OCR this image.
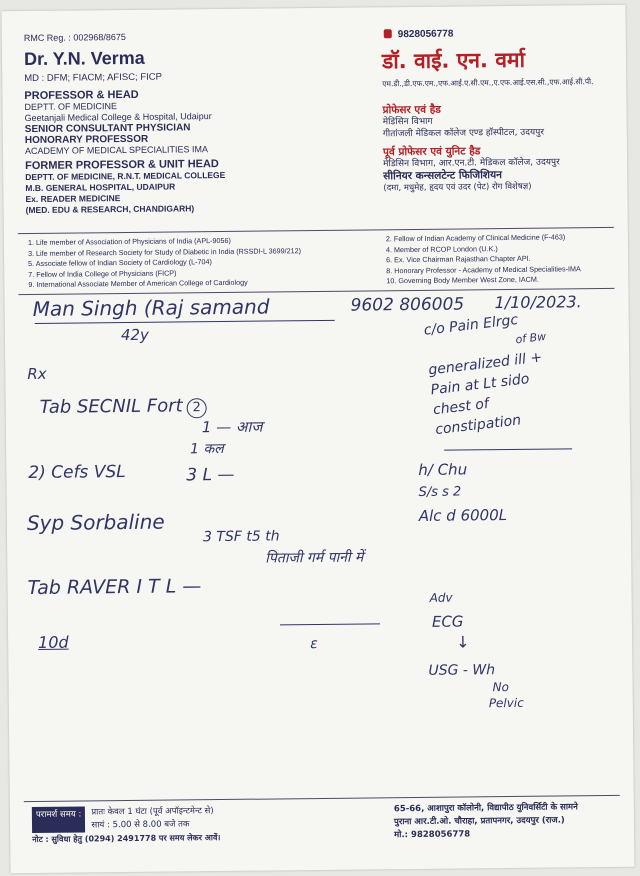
RMC Reg. : 002968/8675
Dr. Y.N. Verma
MD : DFM; FIACM; AFISC; FICP
PROFESSOR & HEAD
DEPTT. OF MEDICINE
Geetanjali Medical College & Hospital, Udaipur
SENIOR CONSULTANT PHYSICIAN
HONORARY PROFESSOR
ACADEMY OF MEDICAL SPECIALITIES IMA
FORMER PROFESSOR & UNIT HEAD
DEPTT. OF MEDICINE, R.N.T. MEDICAL COLLEGE
M.B. GENERAL HOSPITAL, UDAIPUR
Ex. READER MEDICINE
(MED. EDU & RESEARCH, CHANDIGARH)
9828056778
डॉ. वाई. एन. वर्मा
एम.डी.,डी.एफ.एम.,एफ.आई.ए.सी.एम.,ए.एफ.आई.एस.सी.,एफ.आई.सी.पी.
प्रोफेसर एवं हैड
मेडिसिन विभाग
गीतांजली मेडिकल कॉलेज एण्ड हॉस्पीटल, उदयपुर
पूर्व प्रोफेसर एवं युनिट हैड
मेडिसिन विभाग, आर.एन.टी. मेडिकल कॉलेज, उदयपुर
सीनियर कन्सलटेन्ट फिजिशियन
(दमा, मधुमेह, हृदय एवं उदर (पेट) रोग विशेषज्ञ)
1. Life member of Association of Physicians of India (APL-9056)
3. Life member of Research Society for Study of Diabetic in India (RSSDI-L 3699/212)
5. Associate fellow of Indian Society of Cardiology (L-704)
7. Fellow of India College of Physicians (FICP)
9. International Associate Member of American College of Cardiology
2. Fellow of Indian Academy of Clinical Medicine (F-463)
4. Member of RCOP London (U.K.)
6. Ex. Vice Chairman Rajasthan Chapter API.
8. Honorary Professor - Academy of Medical Specialities-IMA
10. Governing Body Member West Zone, IACM.
Man Singh (Raj samand	9602 806005 1/10/2023.
42y
Rx
c/o Pain Elrgc
of Bw
generalized ill +
Pain at Lt sido
chest of
constipation
Tab SECNIL Fort 2
1 — आज
1 कल
2) Cefs VSL	3 L —	h/ Chu
S/s s 2
Alc d 6000L
Syp Sorbaline
3 TSF t5 th
पिताजी गर्म पानी में
Tab RAVER I T L —
10d	ε
Adv
ECG
↓
USG - Wh
No
Pelvic
परामर्श समय :	प्रातः केवल 1 घंटा (पूर्व अपॉइन्टमेन्ट से)
सायं : 5.00 से 8.00 बजे तक
नोट : सुविधा हेतु (0294) 2491778 पर समय लेकर आवें।
65-66, आशापुरा कॉलोनी, विद्यापीठ युनिवर्सिटी के सामने
पुराना आर.टी.ओ. चौराहा, प्रतापनगर, उदयपुर (राज.)
मो.: 9828056778
